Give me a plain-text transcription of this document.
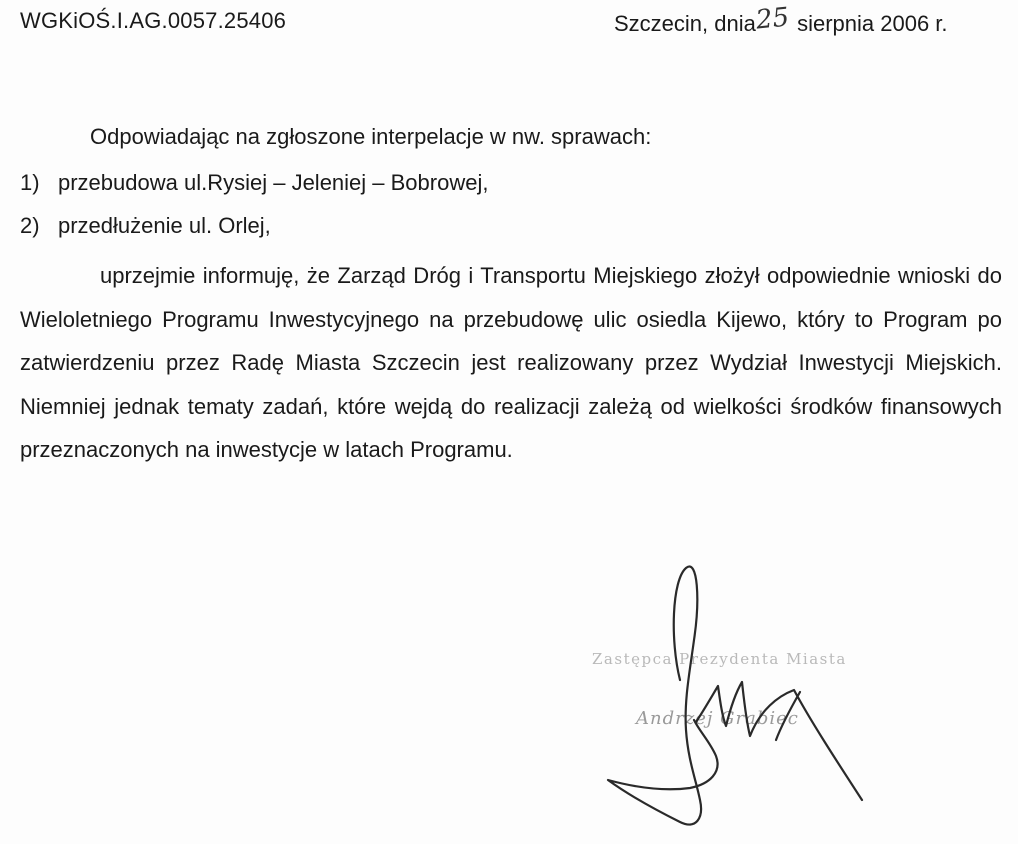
WGKiOŚ.I.AG.0057.25406	Szczecin, dnia25 sierpnia 2006 r.
Odpowiadając na zgłoszone interpelacje w nw. sprawach:
1) przebudowa ul.Rysiej – Jeleniej – Bobrowej,
2) przedłużenie ul. Orlej,
uprzejmie informuję, że Zarząd Dróg i Transportu Miejskiego złożył odpowiednie wnioski do Wieloletniego Programu Inwestycyjnego na przebudowę ulic osiedla Kijewo, który to Program po zatwierdzeniu przez Radę Miasta Szczecin jest realizowany przez Wydział Inwestycji Miejskich. Niemniej jednak tematy zadań, które wejdą do realizacji zależą od wielkości środków finansowych przeznaczonych na inwestycje w latach Programu.
Zastępca Prezydenta Miasta
Andrzej Grabiec
